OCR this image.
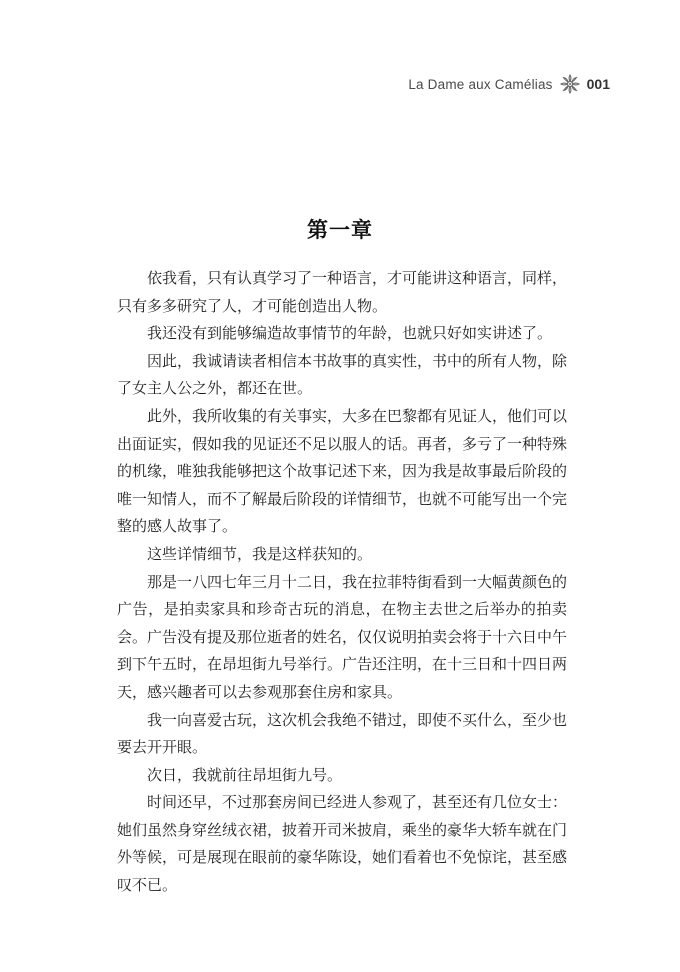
La Dame aux Camélias 001
第一章

依我看，只有认真学习了一种语言，才可能讲这种语言，同样，只有多多研究了人，才可能创造出人物。

我还没有到能够编造故事情节的年龄，也就只好如实讲述了。

因此，我诚请读者相信本书故事的真实性，书中的所有人物，除了女主人公之外，都还在世。

此外，我所收集的有关事实，大多在巴黎都有见证人，他们可以出面证实，假如我的见证还不足以服人的话。再者，多亏了一种特殊的机缘，唯独我能够把这个故事记述下来，因为我是故事最后阶段的唯一知情人，而不了解最后阶段的详情细节，也就不可能写出一个完整的感人故事了。

这些详情细节，我是这样获知的。

那是一八四七年三月十二日，我在拉菲特街看到一大幅黄颜色的广告，是拍卖家具和珍奇古玩的消息，在物主去世之后举办的拍卖会。广告没有提及那位逝者的姓名，仅仅说明拍卖会将于十六日中午到下午五时，在昂坦街九号举行。广告还注明，在十三日和十四日两天，感兴趣者可以去参观那套住房和家具。

我一向喜爱古玩，这次机会我绝不错过，即使不买什么，至少也要去开开眼。

次日，我就前往昂坦街九号。

时间还早，不过那套房间已经进人参观了，甚至还有几位女士：她们虽然身穿丝绒衣裙，披着开司米披肩，乘坐的豪华大轿车就在门外等候，可是展现在眼前的豪华陈设，她们看着也不免惊诧，甚至感叹不已。
